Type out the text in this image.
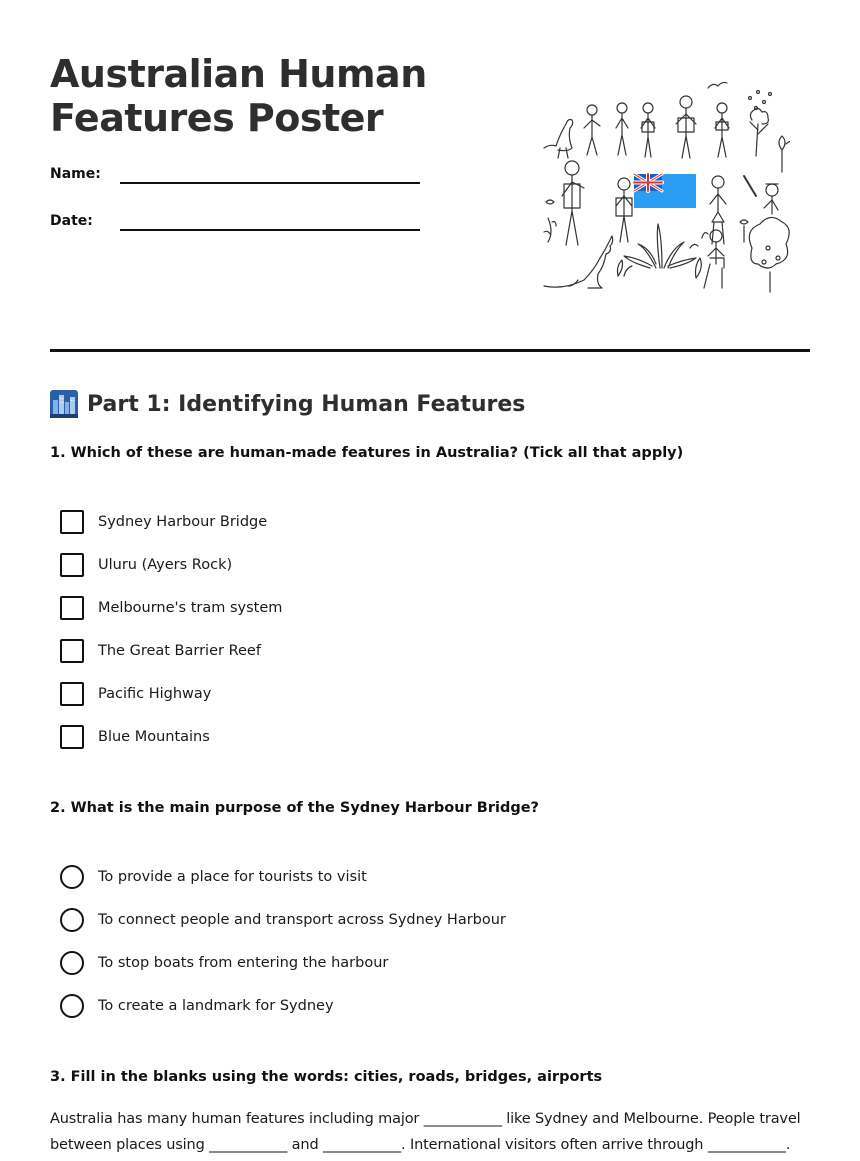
Australian Human Features Poster
Name:
Date:
Part 1: Identifying Human Features

1. Which of these are human-made features in Australia? (Tick all that apply)

Sydney Harbour Bridge
Uluru (Ayers Rock)
Melbourne's tram system
The Great Barrier Reef
Pacific Highway
Blue Mountains

2. What is the main purpose of the Sydney Harbour Bridge?

To provide a place for tourists to visit
To connect people and transport across Sydney Harbour
To stop boats from entering the harbour
To create a landmark for Sydney

3. Fill in the blanks using the words: cities, roads, bridges, airports

Australia has many human features including major ___________ like Sydney and Melbourne. People travel between places using ___________ and ___________. International visitors often arrive through ___________.
